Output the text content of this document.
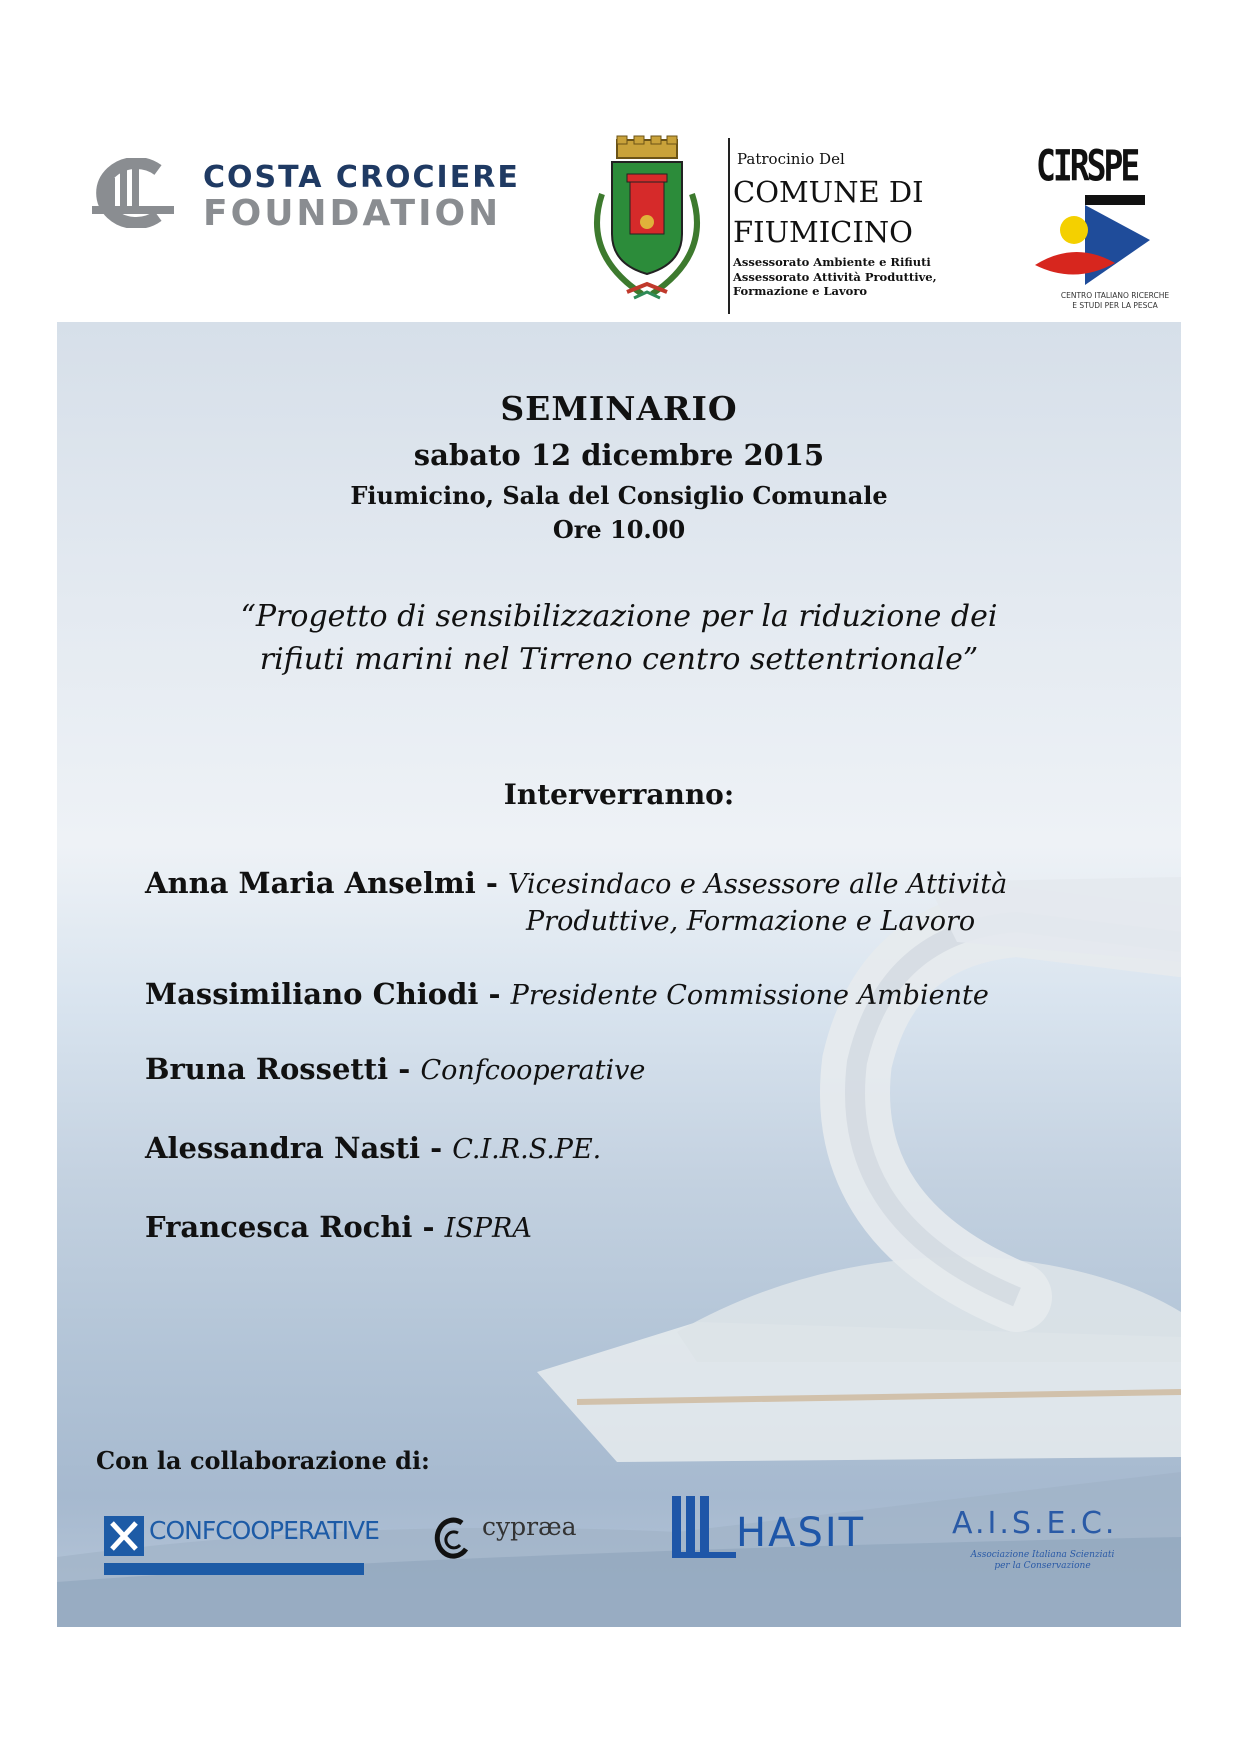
COSTA CROCIERE
FOUNDATION
Patrocinio Del
COMUNE DI
FIUMICINO
Assessorato Ambiente e Rifiuti
Assessorato Attività Produttive,
Formazione e Lavoro
CIRSPE
CENTRO ITALIANO RICERCHE
E STUDI PER LA PESCA
SEMINARIO
sabato 12 dicembre 2015
Fiumicino, Sala del Consiglio Comunale
Ore 10.00
“Progetto di sensibilizzazione per la riduzione dei
rifiuti marini nel Tirreno centro settentrionale”
Interverranno:
Anna Maria Anselmi - Vicesindaco e Assessore alle Attività
Produttive, Formazione e Lavoro
Massimiliano Chiodi - Presidente Commissione Ambiente
Bruna Rossetti - Confcooperative
Alessandra Nasti - C.I.R.S.PE.
Francesca Rochi - ISPRA
Con la collaborazione di:
CONFCOOPERATIVE	cypræa	HASIT	A.I.S.E.C.
Associazione Italiana Scienziati
per la Conservazione
